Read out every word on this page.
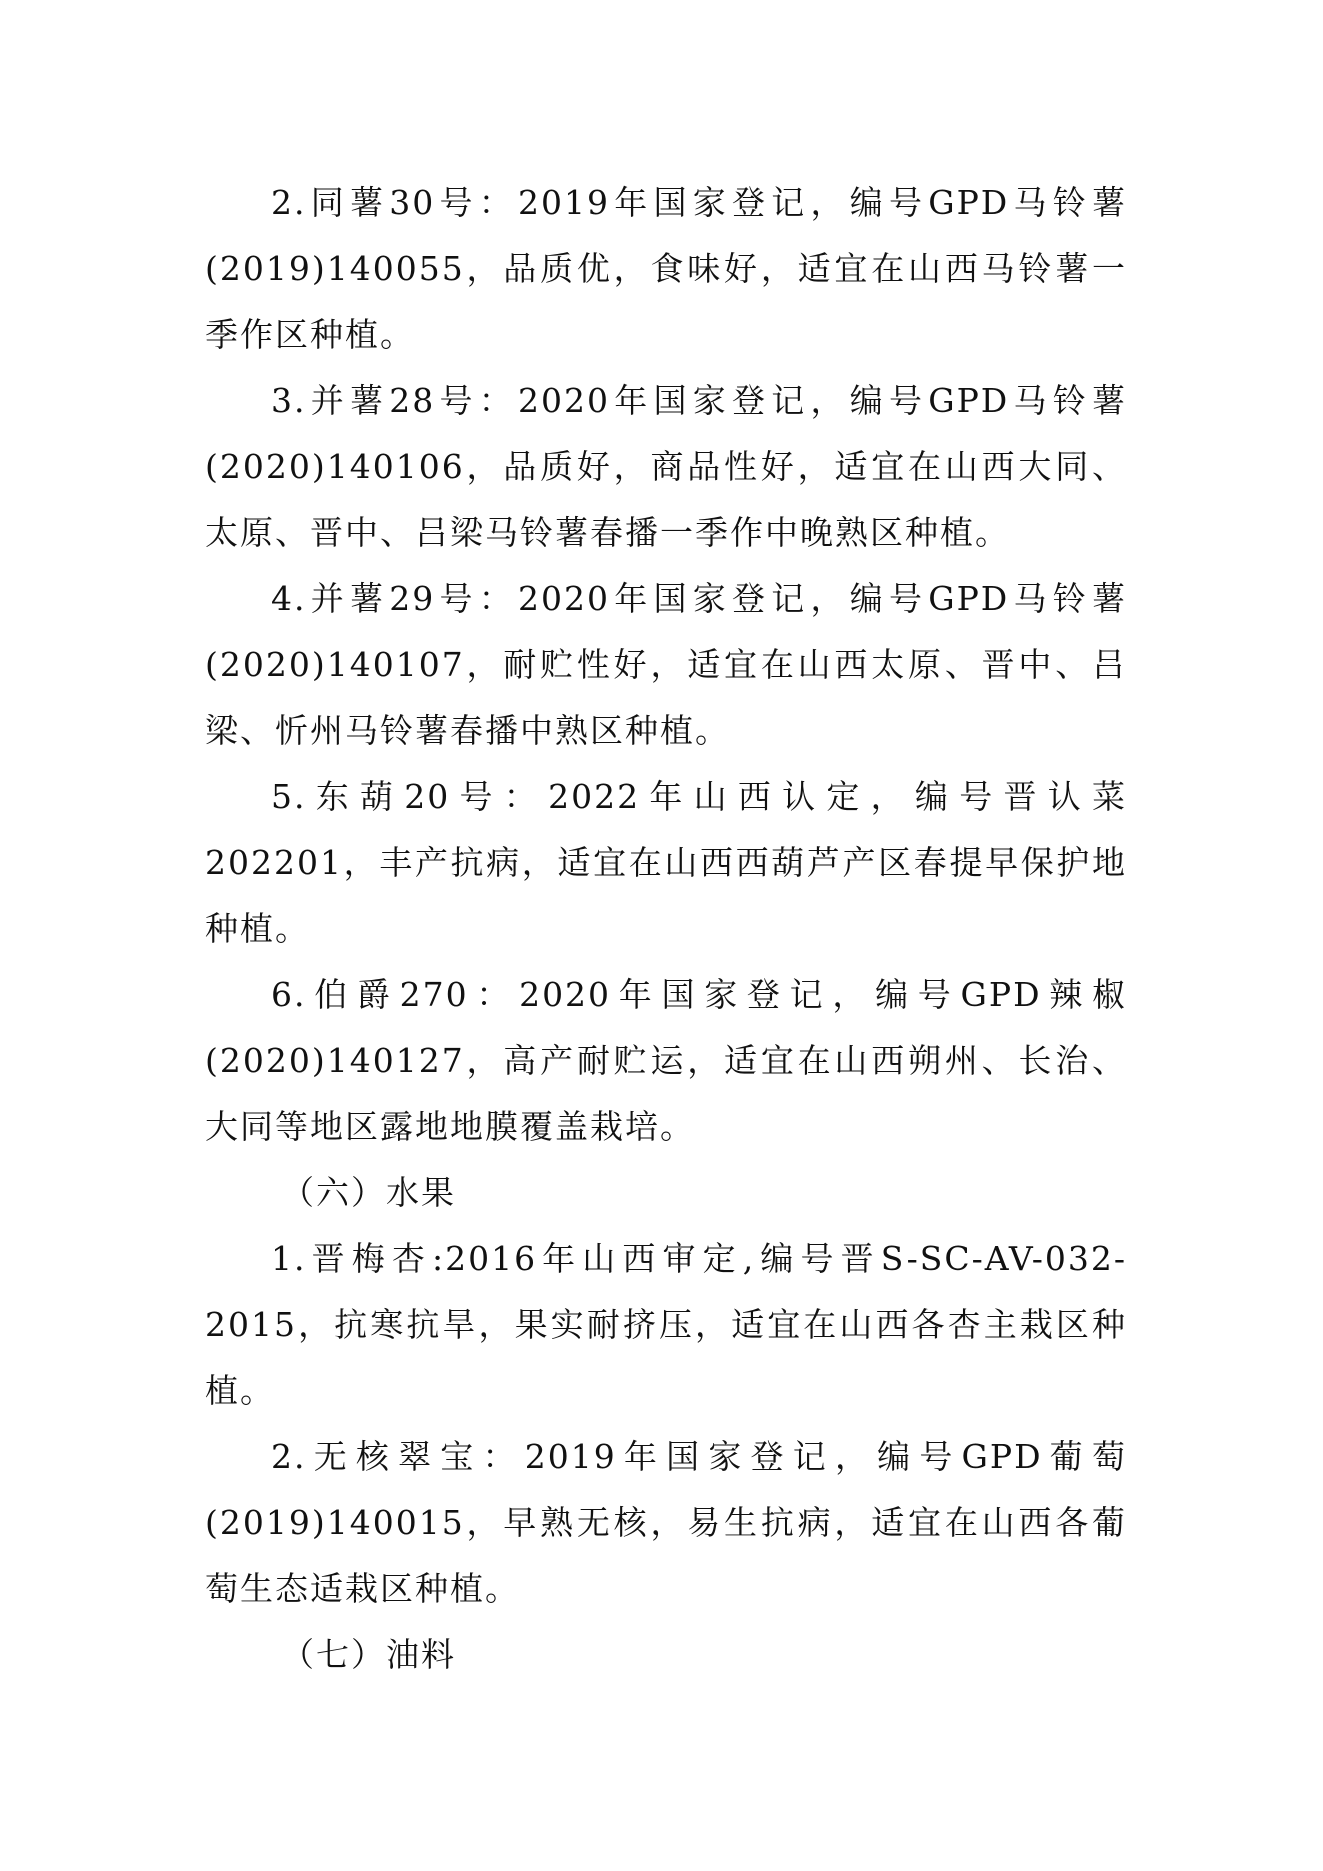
2.同薯30号：2019年国家登记，编号GPD马铃薯(2019)140055，品质优，食味好，适宜在山西马铃薯一季作区种植。

3.并薯28号：2020年国家登记，编号GPD马铃薯(2020)140106，品质好，商品性好，适宜在山西大同、太原、晋中、吕梁马铃薯春播一季作中晚熟区种植。

4.并薯29号：2020年国家登记，编号GPD马铃薯(2020)140107，耐贮性好，适宜在山西太原、晋中、吕梁、忻州马铃薯春播中熟区种植。

5.东葫20号：2022年山西认定，编号晋认菜202201，丰产抗病，适宜在山西西葫芦产区春提早保护地种植。

6.伯爵270：2020年国家登记，编号GPD辣椒(2020)140127，高产耐贮运，适宜在山西朔州、长治、大同等地区露地地膜覆盖栽培。

（六）水果

1.晋梅杏:2016年山西审定,编号晋S-SC-AV-032-2015，抗寒抗旱，果实耐挤压，适宜在山西各杏主栽区种植。

2.无核翠宝：2019年国家登记，编号GPD葡萄(2019)140015，早熟无核，易生抗病，适宜在山西各葡萄生态适栽区种植。

（七）油料
